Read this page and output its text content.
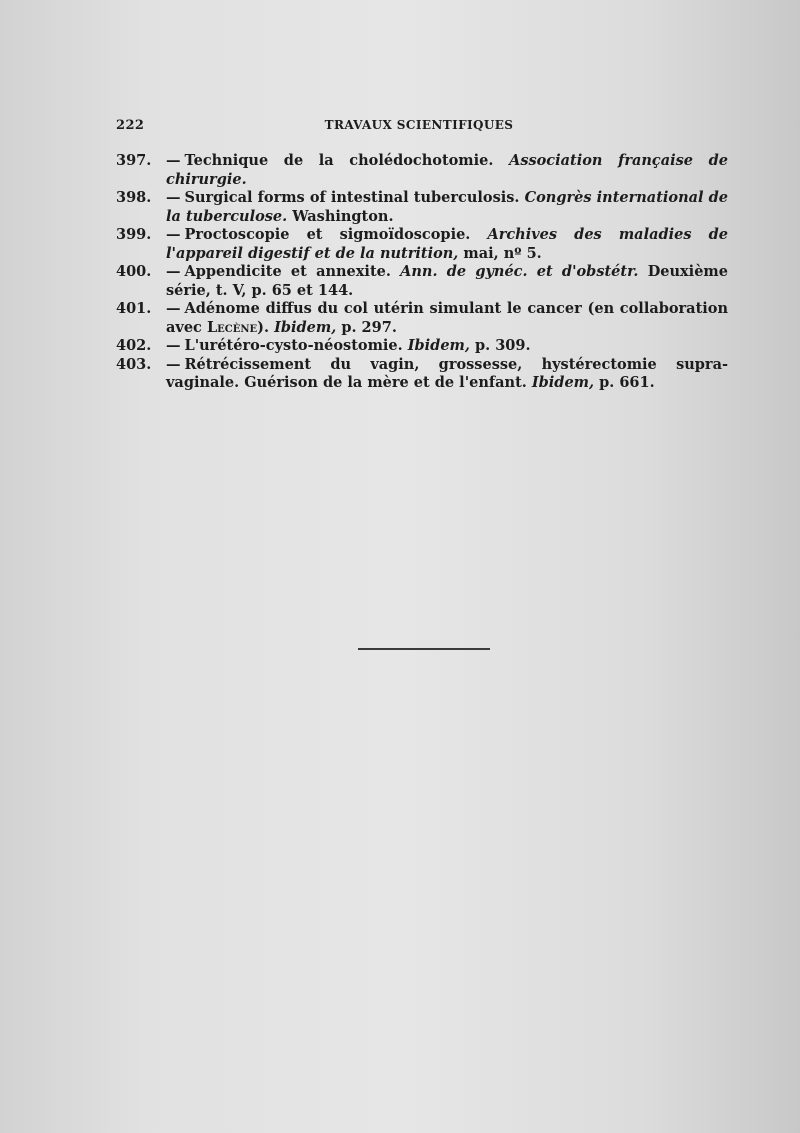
222	TRAVAUX SCIENTIFIQUES
397. — Technique de la cholédochotomie. Association française de chirurgie.
398. — Surgical forms of intestinal tuberculosis. Congrès international de la tuberculose. Washington.
399. — Proctoscopie et sigmoïdoscopie. Archives des maladies de l'appareil digestif et de la nutrition, mai, nº 5.
400. — Appendicite et annexite. Ann. de gynéc. et d'obstétr. Deuxième série, t. V, p. 65 et 144.
401. — Adénome diffus du col utérin simulant le cancer (en collaboration avec Lecène). Ibidem, p. 297.
402. — L'urétéro-cysto-néostomie. Ibidem, p. 309.
403. — Rétrécissement du vagin, grossesse, hystérectomie supra-vaginale. Guérison de la mère et de l'enfant. Ibidem, p. 661.
